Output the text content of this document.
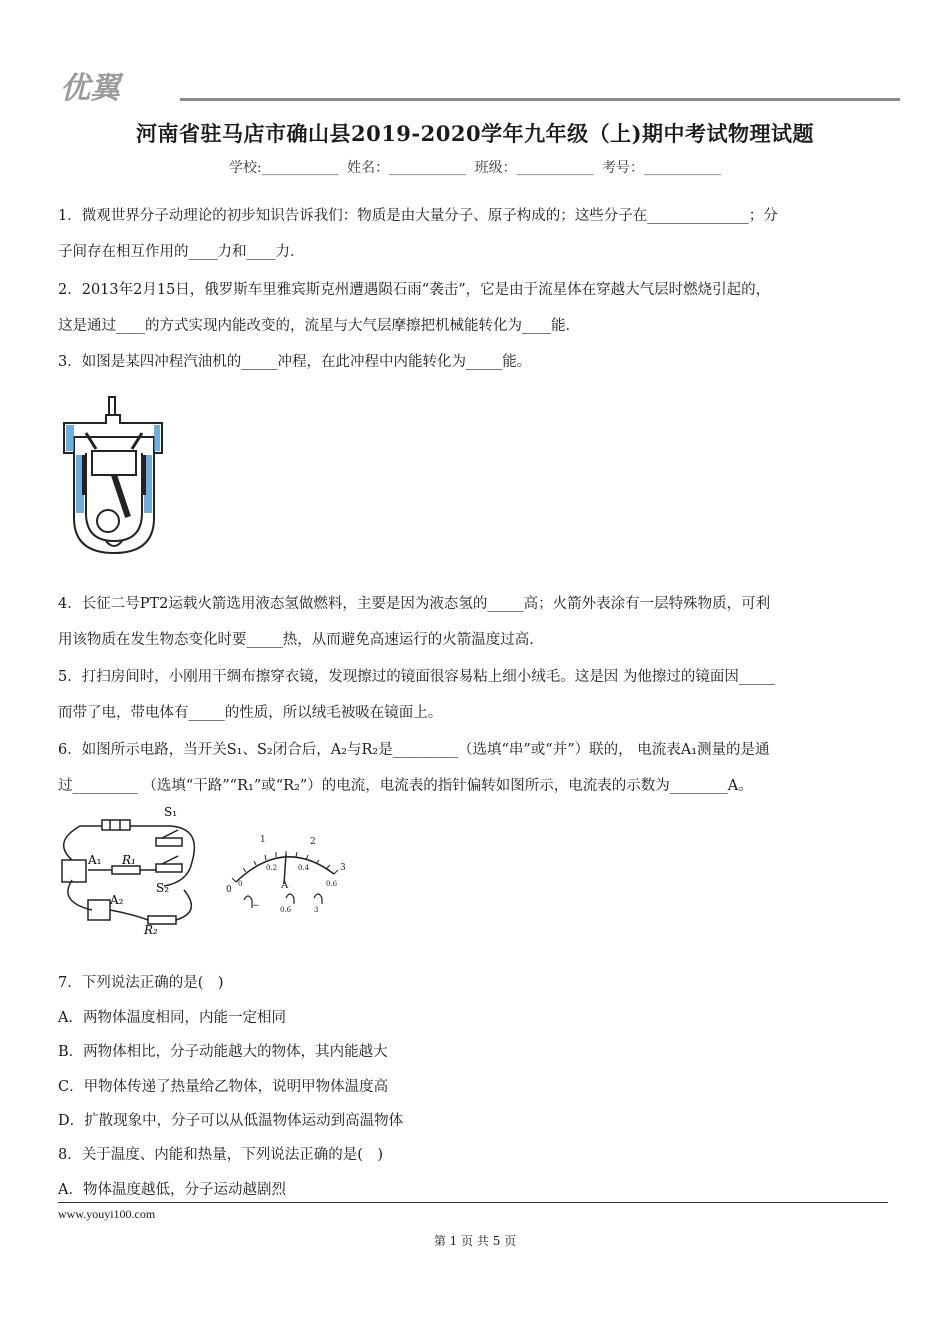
优翼
河南省驻马店市确山县2019-2020学年九年级（上)期中考试物理试题
学校:___________ 姓名：___________ 班级：___________ 考号：___________

1．微观世界分子动理论的初步知识告诉我们：物质是由大量分子、原子构成的；这些分子在______________；分

子间存在相互作用的____力和____力．

2．2013年2月15日，俄罗斯车里雅宾斯克州遭遇陨石雨“袭击”，它是由于流星体在穿越大气层时燃烧引起的，

这是通过____的方式实现内能改变的，流星与大气层摩擦把机械能转化为____能．

3．如图是某四冲程汽油机的_____冲程，在此冲程中内能转化为_____能。

4．长征二号PT2运载火箭选用液态氢做燃料，主要是因为液态氢的_____高；火箭外表涂有一层特殊物质，可利

用该物质在发生物态变化时要_____热，从而避免高速运行的火箭温度过高.

5．打扫房间时，小刚用干绸布擦穿衣镜，发现擦过的镜面很容易粘上细小绒毛。这是因 为他擦过的镜面因_____

而带了电，带电体有_____的性质，所以绒毛被吸在镜面上。

6．如图所示电路，当开关S₁、S₂闭合后，A₂与R₂是_________（选填“串”或“并”）联的， 电流表A₁测量的是通

过_________ （选填“干路”“R₁”或“R₂”）的电流，电流表的指针偏转如图所示，电流表的示数为________A。

S₁
S₂
A₁
A₂
R₁
R₂
0
1	2
3
0
0.2	0.4
0.6
A
−	0.6	3

7．下列说法正确的是(　)

A．两物体温度相同，内能一定相同

B．两物体相比，分子动能越大的物体，其内能越大

C．甲物体传递了热量给乙物体，说明甲物体温度高

D．扩散现象中，分子可以从低温物体运动到高温物体

8．关于温度、内能和热量，下列说法正确的是(　)

A．物体温度越低，分子运动越剧烈

www.youyi100.com
第 1 页 共 5 页
